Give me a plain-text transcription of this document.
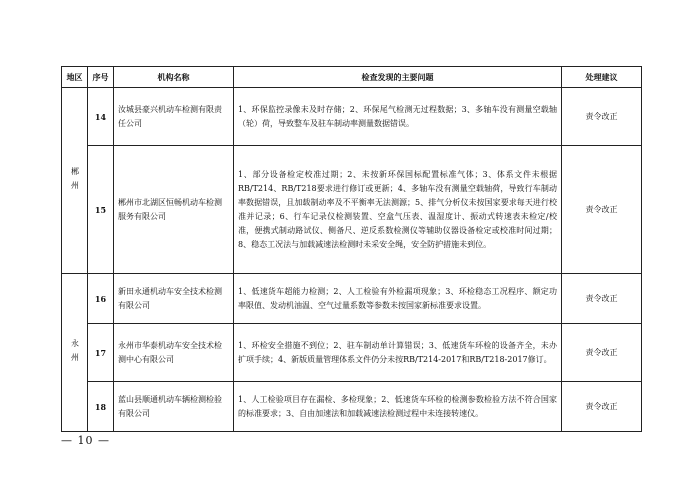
地区	序号	机构名称	检查发现的主要问题	处理建议
郴州	14	汝城县豪兴机动车检测有限责任公司	1、环保监控录像未及时存储；2、环保尾气检测无过程数据；3、多轴车没有测量空载轴（轮）荷，导致整车及驻车制动率测量数据错误。	责令改正
	15	郴州市北湖区恒畅机动车检测服务有限公司	1、部分设备检定校准过期；2、未按新环保国标配置标准气体；3、体系文件未根据RB/T214、RB/T218要求进行修订或更新；4、多轴车没有测量空载轴荷，导致行车制动率数据错误，且加载制动率及不平衡率无法测源；5、排气分析仪未按国家要求每天进行校准并记录；6、行车记录仪检测装置、空盒气压表、温湿度计、振动式转速表未检定/校准，便携式制动路试仪、侧备尺、逆反系数检测仪等辅助仪器设备检定或校准时间过期；8、稳态工况法与加载减速法检测时未采安全绳，安全防护措施未到位。	责令改正
永州	16	新田永通机动车安全技术检测有限公司	1、低速货车超能力检测；2、人工检验有外检漏项现象；3、环检稳态工况程序、额定功率限值、发动机油温、空气过量系数等参数未按国家新标准要求设置。	责令改正
	17	永州市华泰机动车安全技术检测中心有限公司	1、环检安全措施不到位；2、驻车制动单计算错误；3、低速货车环检的设备齐全，未办扩项手续；4、新版质量管理体系文件仍分未按RB/T214-2017和RB/T218-2017修订。	责令改正
	18	蓝山县顺通机动车辆检测检验有限公司	1、人工检验项目存在漏检、多检现象；2、低速货车环检的检测参数检验方法不符合国家的标准要求；3、自由加速法和加载减速法检测过程中未连接转速仪。	责令改正
— 10 —
